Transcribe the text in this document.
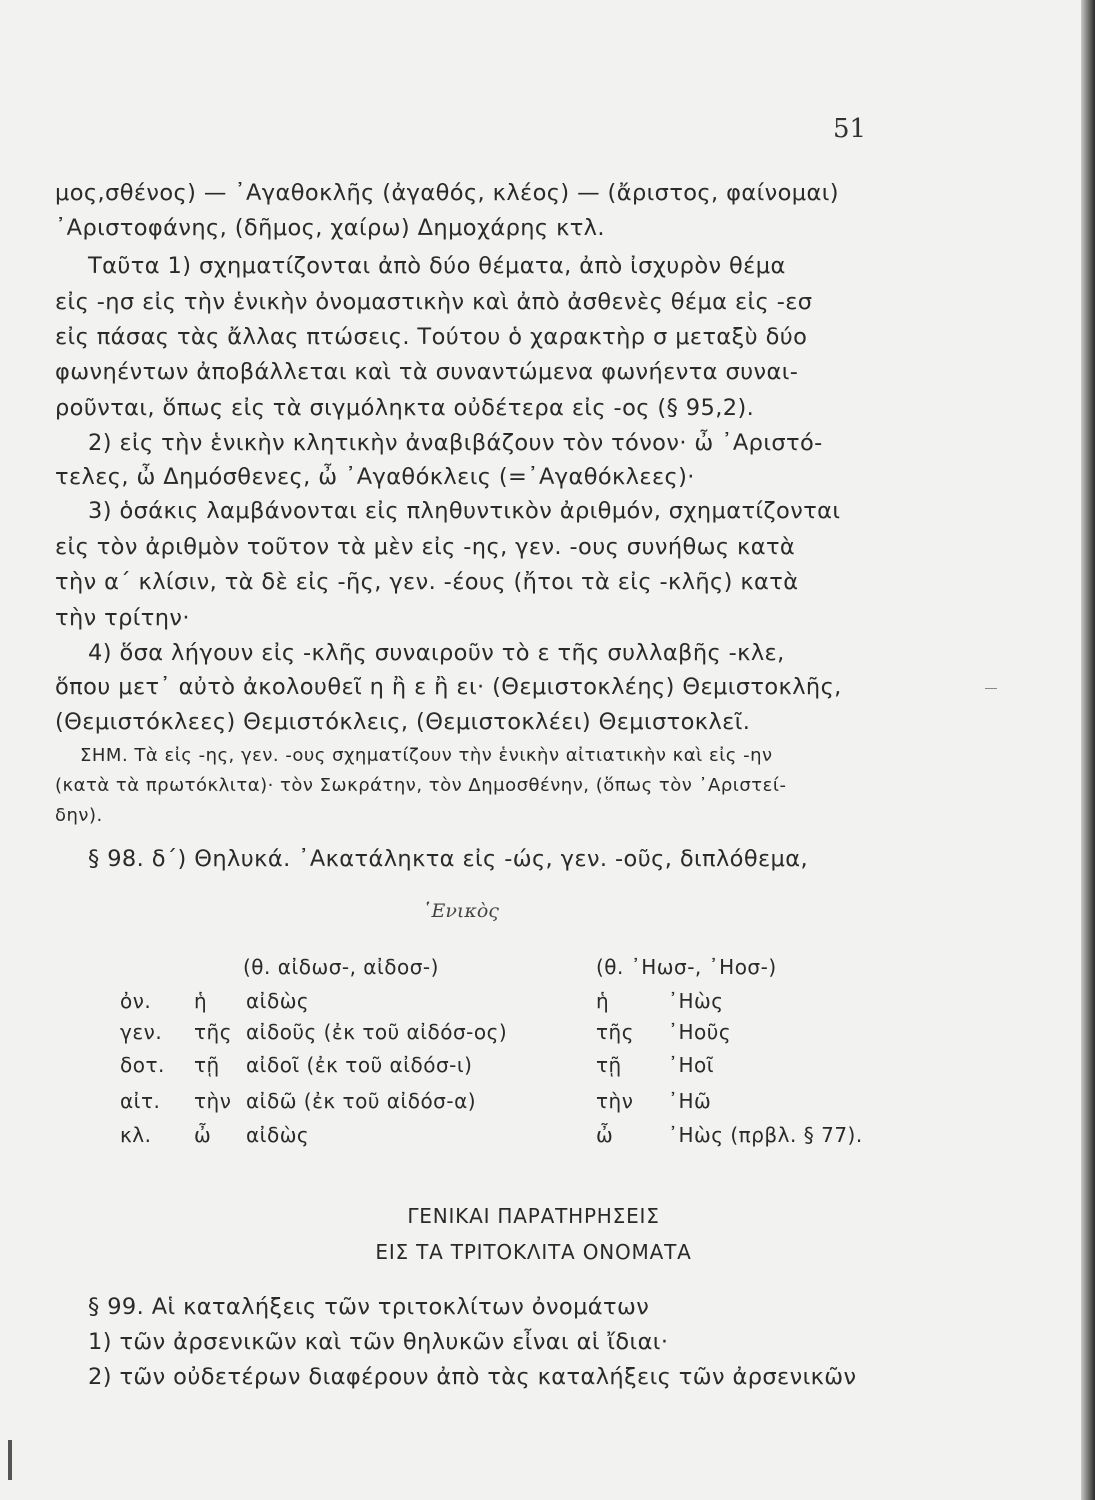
51
μος,σθένος) — ᾿Αγαθοκλῆς (ἀγαθός, κλέος) — (ἄριστος, φαίνομαι)
᾿Αριστοφάνης, (δῆμος, χαίρω) Δημοχάρης κτλ.
Ταῦτα 1) σχηματίζονται ἀπὸ δύο θέματα, ἀπὸ ἰσχυρὸν θέμα
εἰς -ησ εἰς τὴν ἑνικὴν ὀνομαστικὴν καὶ ἀπὸ ἀσθενὲς θέμα εἰς -εσ
εἰς πάσας τὰς ἄλλας πτώσεις. Τούτου ὁ χαρακτὴρ σ μεταξὺ δύο
φωνηέντων ἀποβάλλεται καὶ τὰ συναντώμενα φωνήεντα συναι-
ροῦνται, ὅπως εἰς τὰ σιγμόληκτα οὐδέτερα εἰς -ος (§ 95,2).
2) εἰς τὴν ἑνικὴν κλητικὴν ἀναβιβάζουν τὸν τόνον· ὦ ᾿Αριστό-
τελες, ὦ Δημόσθενες, ὦ ᾿Αγαθόκλεις (=᾿Αγαθόκλεες)·
3) ὁσάκις λαμβάνονται εἰς πληθυντικὸν ἀριθμόν, σχηματίζονται
εἰς τὸν ἀριθμὸν τοῦτον τὰ μὲν εἰς -ης, γεν. -ους συνήθως κατὰ
τὴν α΄ κλίσιν, τὰ δὲ εἰς -ῆς, γεν. -έους (ἤτοι τὰ εἰς -κλῆς) κατὰ
τὴν τρίτην·
4) ὅσα λήγουν εἰς -κλῆς συναιροῦν τὸ ε τῆς συλλαβῆς -κλε,
ὅπου μετ᾿ αὐτὸ ἀκολουθεῖ η ἢ ε ἢ ει· (Θεμιστοκλέης) Θεμιστοκλῆς,
(Θεμιστόκλεες) Θεμιστόκλεις, (Θεμιστοκλέει) Θεμιστοκλεῖ.
ΣΗΜ. Τὰ εἰς -ης, γεν. -ους σχηματίζουν τὴν ἑνικὴν αἰτιατικὴν καὶ εἰς -ην
(κατὰ τὰ πρωτόκλιτα)· τὸν Σωκράτην, τὸν Δημοσθένην, (ὅπως τὸν ᾿Αριστεί-
δην).
§ 98. δ΄) Θηλυκά. ᾿Ακατάληκτα εἰς -ώς, γεν. -οῦς, διπλόθεμα,
῾Ενικὸς
(θ. αἰδωσ-, αἰδοσ-)	(θ. ᾿Ηωσ-, ᾿Ηοσ-)
ὀν. ἡ αἰδὼς	ἡ	᾿Ηὼς
γεν. τῆς αἰδοῦς (ἐκ τοῦ αἰδόσ-ος)	τῆς ᾿Ηοῦς
δοτ. τῇ αἰδοῖ (ἐκ τοῦ αἰδόσ-ι)	τῇ ᾿Ηοῖ
αἰτ. τὴν αἰδῶ (ἐκ τοῦ αἰδόσ-α)	τὴν ᾿Ηῶ
κλ. ὦ αἰδὼς	ὦ	᾿Ηὼς (πρβλ. § 77).
ΓΕΝΙΚΑΙ ΠΑΡΑΤΗΡΗΣΕΙΣ
ΕΙΣ ΤΑ ΤΡΙΤΟΚΛΙΤΑ ΟΝΟΜΑΤΑ
§ 99. Αἱ καταλήξεις τῶν τριτοκλίτων ὀνομάτων
1) τῶν ἀρσενικῶν καὶ τῶν θηλυκῶν εἶναι αἱ ἴδιαι·
2) τῶν οὐδετέρων διαφέρουν ἀπὸ τὰς καταλήξεις τῶν ἀρσενικῶν
